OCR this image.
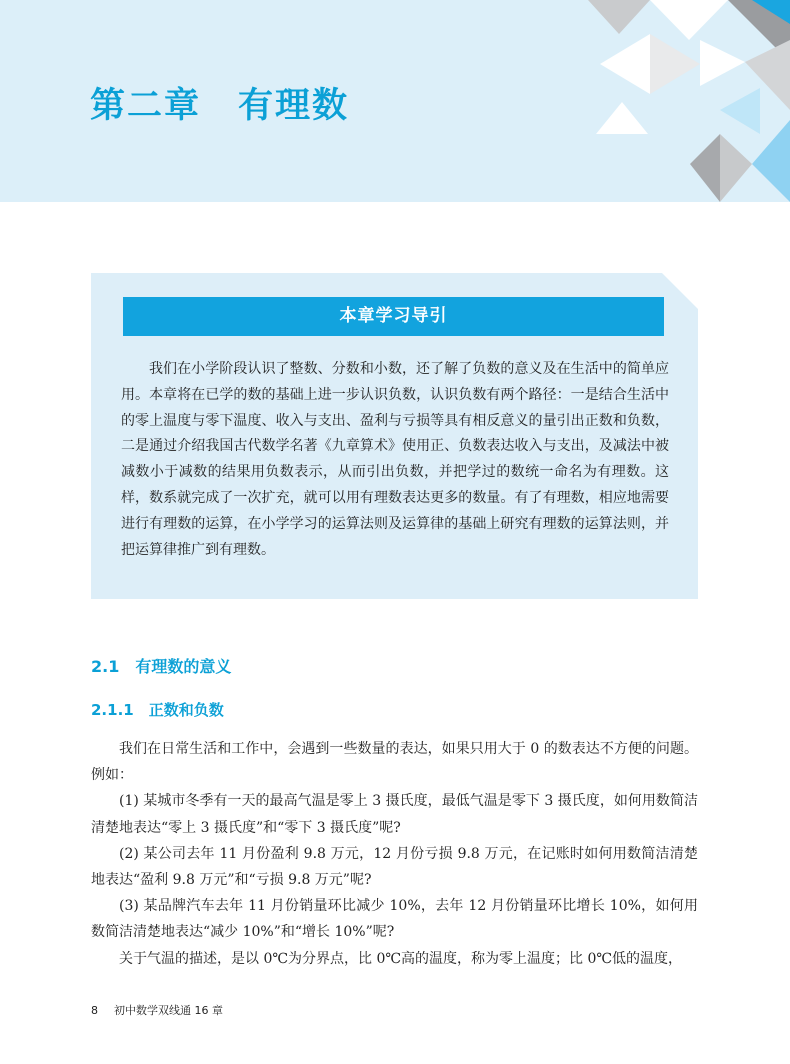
第二章　有理数
本章学习导引

我们在小学阶段认识了整数、分数和小数，还了解了负数的意义及在生活中的简单应用。本章将在已学的数的基础上进一步认识负数，认识负数有两个路径：一是结合生活中的零上温度与零下温度、收入与支出、盈利与亏损等具有相反意义的量引出正数和负数，二是通过介绍我国古代数学名著《九章算术》使用正、负数表达收入与支出，及减法中被减数小于减数的结果用负数表示，从而引出负数，并把学过的数统一命名为有理数。这样，数系就完成了一次扩充，就可以用有理数表达更多的数量。有了有理数，相应地需要进行有理数的运算，在小学学习的运算法则及运算律的基础上研究有理数的运算法则，并把运算律推广到有理数。

2.1　有理数的意义
2.1.1　正数和负数

我们在日常生活和工作中，会遇到一些数量的表达，如果只用大于 0 的数表达不方便的问题。例如：

(1) 某城市冬季有一天的最高气温是零上 3 摄氏度，最低气温是零下 3 摄氏度，如何用数简洁清楚地表达“零上 3 摄氏度”和“零下 3 摄氏度”呢?

(2) 某公司去年 11 月份盈利 9.8 万元，12 月份亏损 9.8 万元，在记账时如何用数简洁清楚地表达“盈利 9.8 万元”和“亏损 9.8 万元”呢?

(3) 某品牌汽车去年 11 月份销量环比减少 10%，去年 12 月份销量环比增长 10%，如何用数简洁清楚地表达“减少 10%”和“增长 10%”呢?

关于气温的描述，是以 0℃为分界点，比 0℃高的温度，称为零上温度；比 0℃低的温度，

8 初中数学双线通 16 章
